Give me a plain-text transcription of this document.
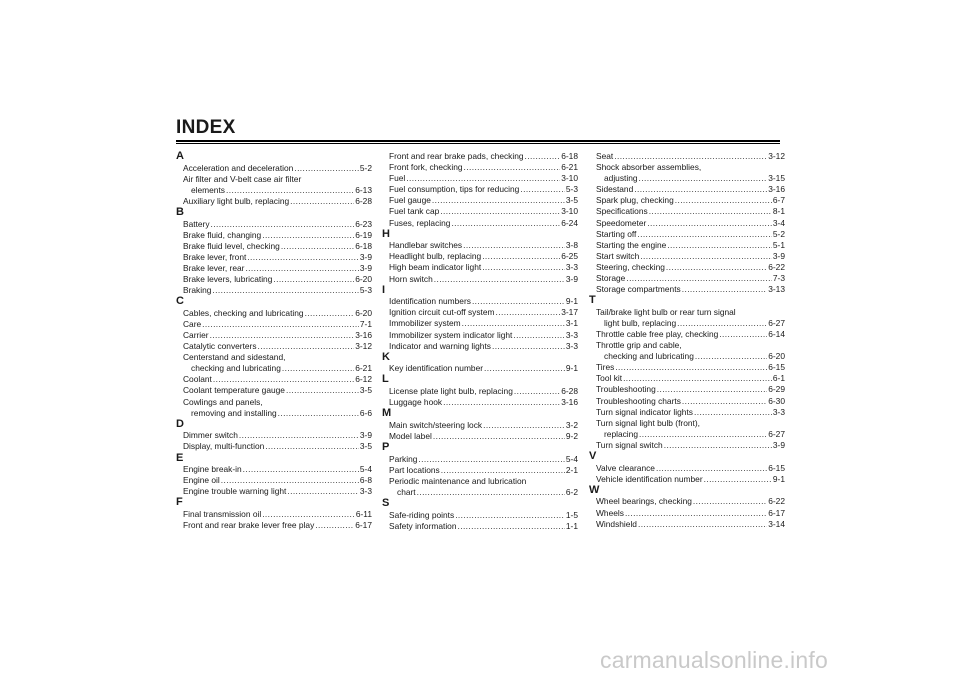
INDEX
A
Acceleration and deceleration .....	5-2
Air filter and V-belt case air filter
elements .....	6-13
Auxiliary light bulb, replacing .....	6-28
B
Battery .....	6-23
Brake fluid, changing .....	6-19
Brake fluid level, checking .....	6-18
Brake lever, front .....	3-9
Brake lever, rear .....	3-9
Brake levers, lubricating .....	6-20
Braking .....	5-3
C
Cables, checking and lubricating .....	6-20
Care .....	7-1
Carrier .....	3-16
Catalytic converters .....	3-12
Centerstand and sidestand,
checking and lubricating .....	6-21
Coolant .....	6-12
Coolant temperature gauge .....	3-5
Cowlings and panels,
removing and installing .....	6-6
D
Dimmer switch .....	3-9
Display, multi-function .....	3-5
E
Engine break-in .....	5-4
Engine oil .....	6-8
Engine trouble warning light .....	3-3
F
Final transmission oil .....	6-11
Front and rear brake lever free play .....	6-17
Front and rear brake pads, checking .....	6-18
Front fork, checking .....	6-21
Fuel .....	3-10
Fuel consumption, tips for reducing .....	5-3
Fuel gauge .....	3-5
Fuel tank cap .....	3-10
Fuses, replacing .....	6-24
H
Handlebar switches .....	3-8
Headlight bulb, replacing .....	6-25
High beam indicator light .....	3-3
Horn switch .....	3-9
I
Identification numbers .....	9-1
Ignition circuit cut-off system .....	3-17
Immobilizer system .....	3-1
Immobilizer system indicator light .....	3-3
Indicator and warning lights .....	3-3
K
Key identification number .....	9-1
L
License plate light bulb, replacing .....	6-28
Luggage hook .....	3-16
M
Main switch/steering lock .....	3-2
Model label .....	9-2
P
Parking .....	5-4
Part locations .....	2-1
Periodic maintenance and lubrication
chart .....	6-2
S
Safe-riding points .....	1-5
Safety information .....	1-1
Seat .....	3-12
Shock absorber assemblies,
adjusting .....	3-15
Sidestand .....	3-16
Spark plug, checking .....	6-7
Specifications .....	8-1
Speedometer .....	3-4
Starting off .....	5-2
Starting the engine .....	5-1
Start switch .....	3-9
Steering, checking .....	6-22
Storage .....	7-3
Storage compartments .....	3-13
T
Tail/brake light bulb or rear turn signal
light bulb, replacing .....	6-27
Throttle cable free play, checking .....	6-14
Throttle grip and cable,
checking and lubricating .....	6-20
Tires .....	6-15
Tool kit .....	6-1
Troubleshooting .....	6-29
Troubleshooting charts .....	6-30
Turn signal indicator lights .....	3-3
Turn signal light bulb (front),
replacing .....	6-27
Turn signal switch .....	3-9
V
Valve clearance .....	6-15
Vehicle identification number .....	9-1
W
Wheel bearings, checking .....	6-22
Wheels .....	6-17
Windshield .....	3-14
carmanualsonline.info
